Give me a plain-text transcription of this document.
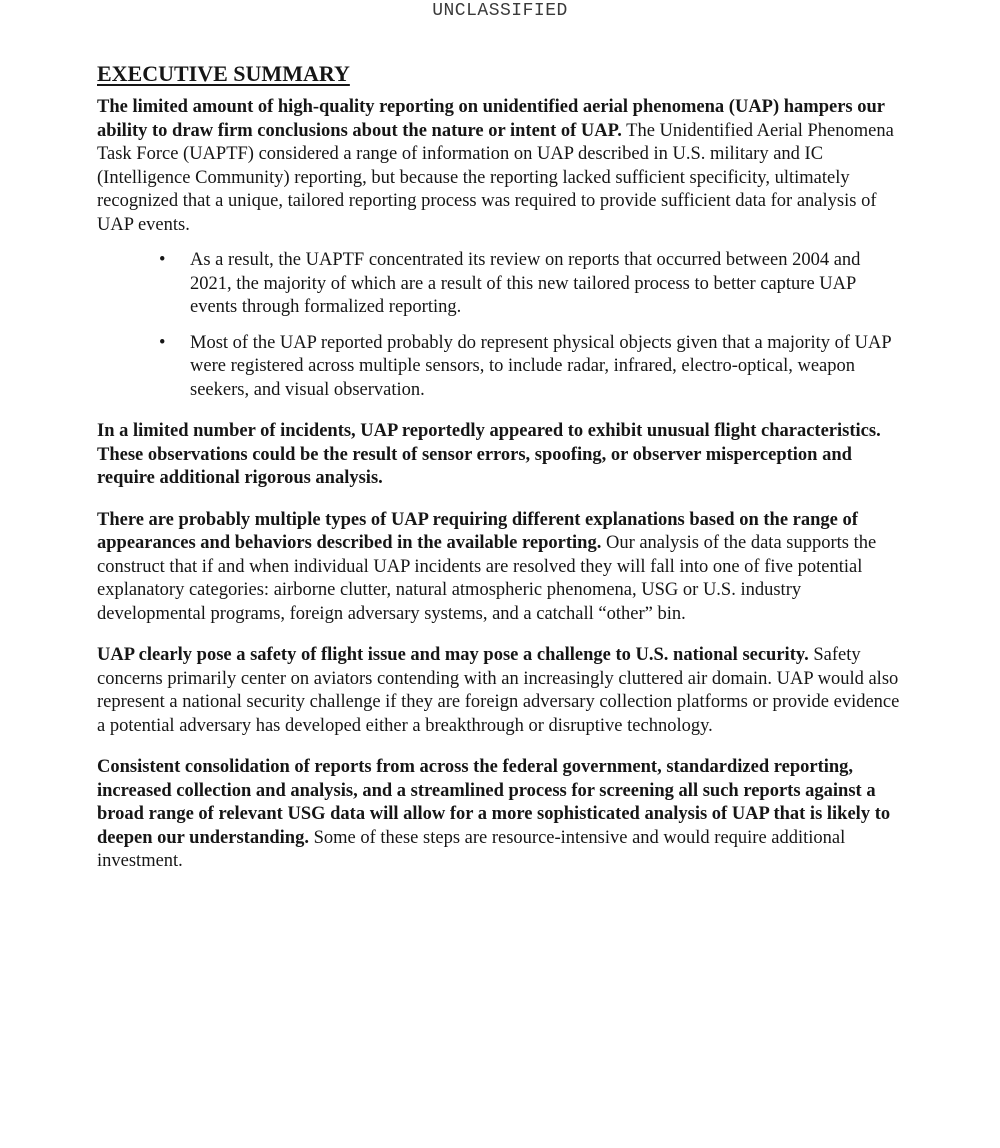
UNCLASSIFIED
EXECUTIVE SUMMARY

The limited amount of high-quality reporting on unidentified aerial phenomena (UAP) hampers our ability to draw firm conclusions about the nature or intent of UAP. The Unidentified Aerial Phenomena Task Force (UAPTF) considered a range of information on UAP described in U.S. military and IC (Intelligence Community) reporting, but because the reporting lacked sufficient specificity, ultimately recognized that a unique, tailored reporting process was required to provide sufficient data for analysis of UAP events.

• As a result, the UAPTF concentrated its review on reports that occurred between 2004 and 2021, the majority of which are a result of this new tailored process to better capture UAP events through formalized reporting.
• Most of the UAP reported probably do represent physical objects given that a majority of UAP were registered across multiple sensors, to include radar, infrared, electro-optical, weapon seekers, and visual observation.

In a limited number of incidents, UAP reportedly appeared to exhibit unusual flight characteristics. These observations could be the result of sensor errors, spoofing, or observer misperception and require additional rigorous analysis.

There are probably multiple types of UAP requiring different explanations based on the range of appearances and behaviors described in the available reporting. Our analysis of the data supports the construct that if and when individual UAP incidents are resolved they will fall into one of five potential explanatory categories: airborne clutter, natural atmospheric phenomena, USG or U.S. industry developmental programs, foreign adversary systems, and a catchall “other” bin.

UAP clearly pose a safety of flight issue and may pose a challenge to U.S. national security. Safety concerns primarily center on aviators contending with an increasingly cluttered air domain. UAP would also represent a national security challenge if they are foreign adversary collection platforms or provide evidence a potential adversary has developed either a breakthrough or disruptive technology.

Consistent consolidation of reports from across the federal government, standardized reporting, increased collection and analysis, and a streamlined process for screening all such reports against a broad range of relevant USG data will allow for a more sophisticated analysis of UAP that is likely to deepen our understanding. Some of these steps are resource-intensive and would require additional investment.
